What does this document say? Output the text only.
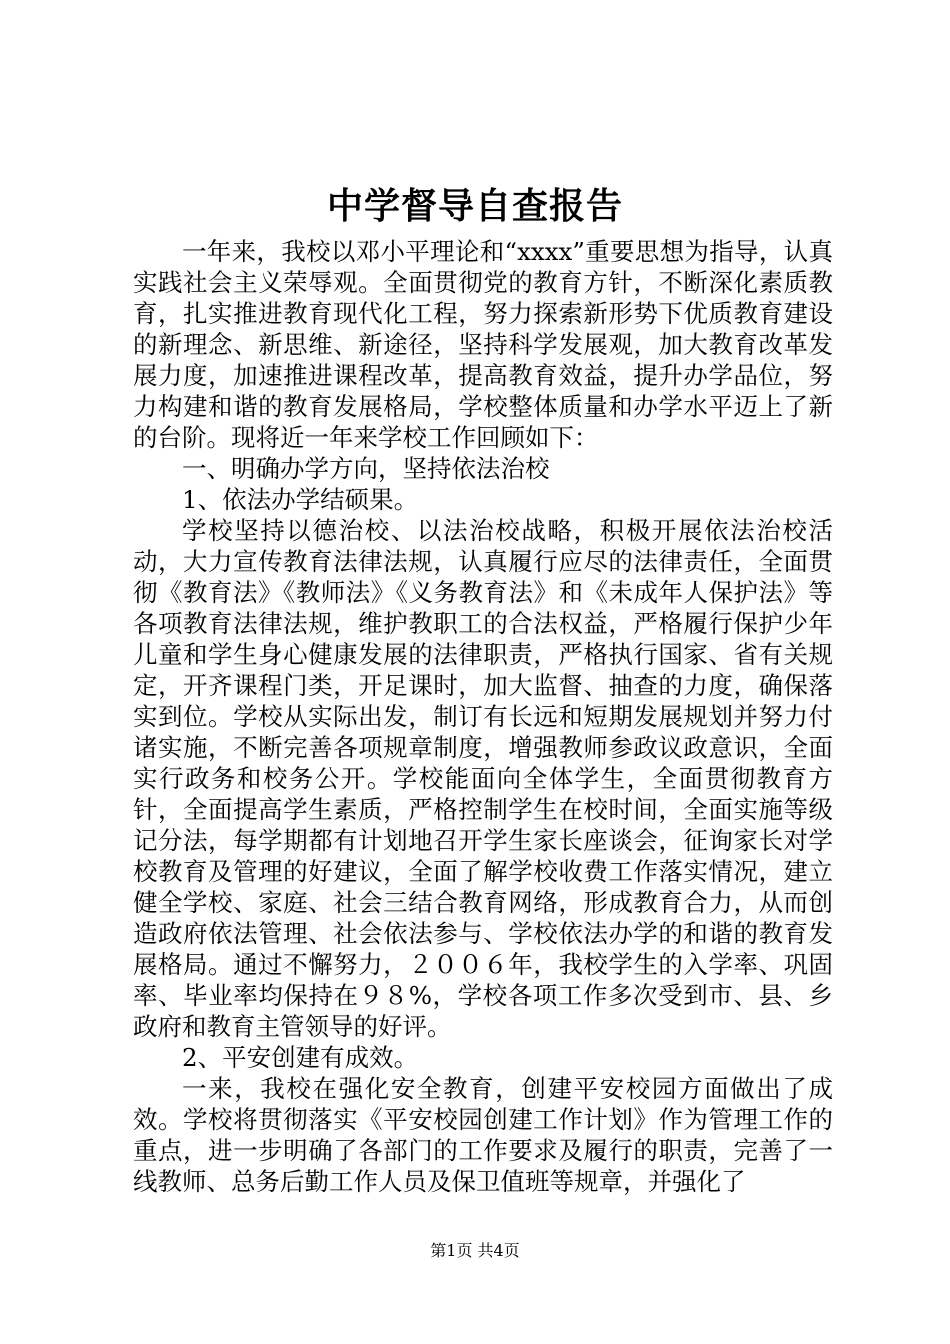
中学督导自查报告

一年来，我校以邓小平理论和“xxxx”重要思想为指导，认真实践社会主义荣辱观。全面贯彻党的教育方针，不断深化素质教育，扎实推进教育现代化工程，努力探索新形势下优质教育建设的新理念、新思维、新途径，坚持科学发展观，加大教育改革发展力度，加速推进课程改革，提高教育效益，提升办学品位，努力构建和谐的教育发展格局，学校整体质量和办学水平迈上了新的台阶。现将近一年来学校工作回顾如下：

一、明确办学方向，坚持依法治校

1、依法办学结硕果。

学校坚持以德治校、以法治校战略，积极开展依法治校活动，大力宣传教育法律法规，认真履行应尽的法律责任，全面贯彻《教育法》《教师法》《义务教育法》和《未成年人保护法》等各项教育法律法规，维护教职工的合法权益，严格履行保护少年儿童和学生身心健康发展的法律职责，严格执行国家、省有关规定，开齐课程门类，开足课时，加大监督、抽查的力度，确保落实到位。学校从实际出发，制订有长远和短期发展规划并努力付诸实施，不断完善各项规章制度，增强教师参政议政意识，全面实行政务和校务公开。学校能面向全体学生，全面贯彻教育方针，全面提高学生素质，严格控制学生在校时间，全面实施等级记分法，每学期都有计划地召开学生家长座谈会，征询家长对学校教育及管理的好建议，全面了解学校收费工作落实情况，建立健全学校、家庭、社会三结合教育网络，形成教育合力，从而创造政府依法管理、社会依法参与、学校依法办学的和谐的教育发展格局。通过不懈努力，２００６年，我校学生的入学率、巩固率、毕业率均保持在９８%，学校各项工作多次受到市、县、乡政府和教育主管领导的好评。

2、平安创建有成效。

一来，我校在强化安全教育，创建平安校园方面做出了成效。学校将贯彻落实《平安校园创建工作计划》作为管理工作的重点，进一步明确了各部门的工作要求及履行的职责，完善了一线教师、总务后勤工作人员及保卫值班等规章，并强化了

第1页 共4页
